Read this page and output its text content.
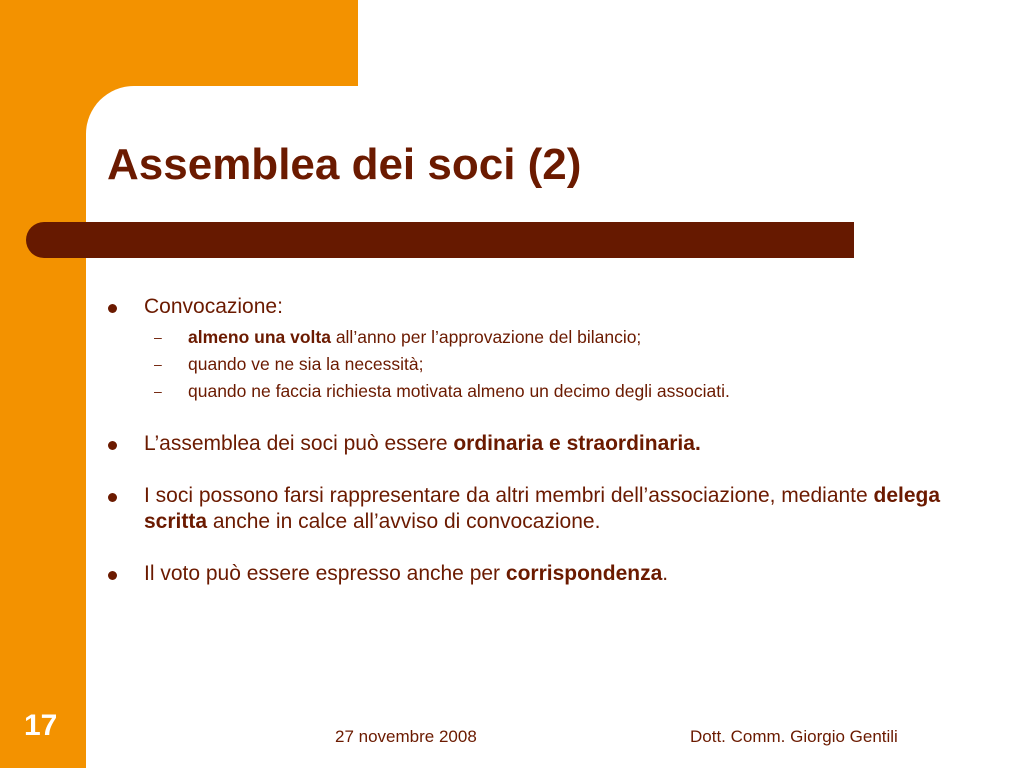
Assemblea dei soci (2)
Convocazione:
– almeno una volta all’anno per l’approvazione del bilancio;
– quando ve ne sia la necessità;
– quando ne faccia richiesta motivata almeno un decimo degli associati.
L’assemblea dei soci può essere ordinaria e straordinaria.
I soci possono farsi rappresentare da altri membri dell’associazione, mediante delega scritta anche in calce all’avviso di convocazione.
Il voto può essere espresso anche per corrispondenza.
17	27 novembre 2008	Dott. Comm. Giorgio Gentili
